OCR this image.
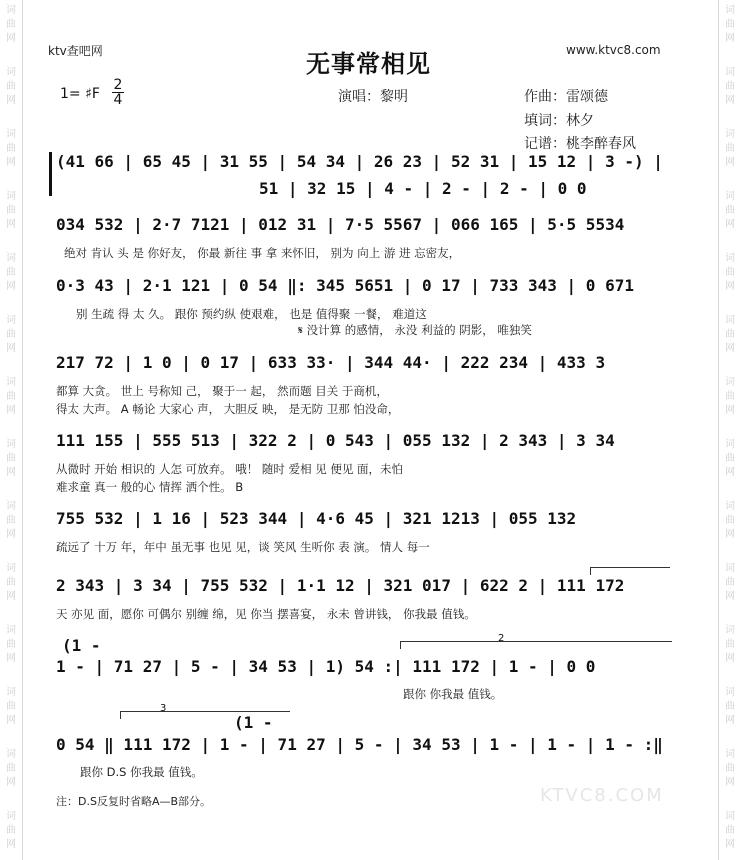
词
曲
网
词
曲
网
词
曲
网
词
曲
网
词
曲
网
词
曲
网
词
曲
网
词
曲
网
词
曲
网
词
曲
网
词
曲
网
词
曲
网
词
曲
网
词
曲
网
词
曲
网
词
曲
网
词
曲
网
词
曲
网
词
曲
网
词
曲
网
词
曲
网
词
曲
网
词
曲
网
词
曲
网
词
曲
网
词
曲
网
词
曲
网
词
曲
网
ktv查吧网	www.ktvc8.com
无事常相见
1= ♯F
2
4	演唱：黎明	作曲：雷颂德
填词：林夕
记谱：桃李醉春风
(41 66 | 65 45 | 31 55 | 54 34 | 26 23 | 52 31 | 15 12 | 3 -) |
51 | 32 15 | 4 - | 2 - | 2 - | 0 0
034 532 | 2·7 7121 | 012 31 | 7·5 5567 | 066 165 | 5·5 5534
绝对 肯认 头 是 你好友， 你最 新往 事 拿 来怀旧， 别为 向上 游 进 忘密友，
0·3 43 | 2·1 121 | 0 54 ‖: 345 5651 | 0 17 | 733 343 | 0 671
别 生疏 得 太 久。 跟你 预约纵 使艰难， 也是 值得聚 一餐， 难道这
𝄋 没计算 的感情， 永没 利益的 阴影， 唯独笑
217 72 | 1 0 | 0 17 | 633 33· | 344 44· | 222 234 | 433 3
都算 大贪。 世上 号称知 己， 聚于一 起， 然而题 目关 于商机，
得太 大声。 A 畅论 大家心 声， 大胆反 映， 是无防 卫那 怕没命，
111 155 | 555 513 | 322 2 | 0 543 | 055 132 | 2 343 | 3 34
从微时 开始 相识的 人怎 可放弃。 哦！ 随时 爱相 见 便见 面，未怕
难求童 真一 般的心 情挥 洒个性。 B
755 532 | 1 16 | 523 344 | 4·6 45 | 321 1213 | 055 132
疏远了 十万 年，年中 虽无事 也见 见，谈 笑风 生听你 表 演。 情人 每一
2 343 | 3 34 | 755 532 | 1·1 12 | 321 017 | 622 2 | 111 172
天 亦见 面，愿你 可偶尔 别缠 绵，见 你当 摆喜宴， 永未 曾讲钱， 你我最 值钱。
(1 -	2
1 - | 71 27 | 5 - | 34 53 | 1) 54 :| 111 172 | 1 - | 0 0
跟你 你我最 值钱。
3
(1 -
0 54 ‖ 111 172 | 1 - | 71 27 | 5 - | 34 53 | 1 - | 1 - | 1 - :‖
跟你 D.S 你我最 值钱。
注：D.S反复时省略A—B部分。	KTVC8.COM
